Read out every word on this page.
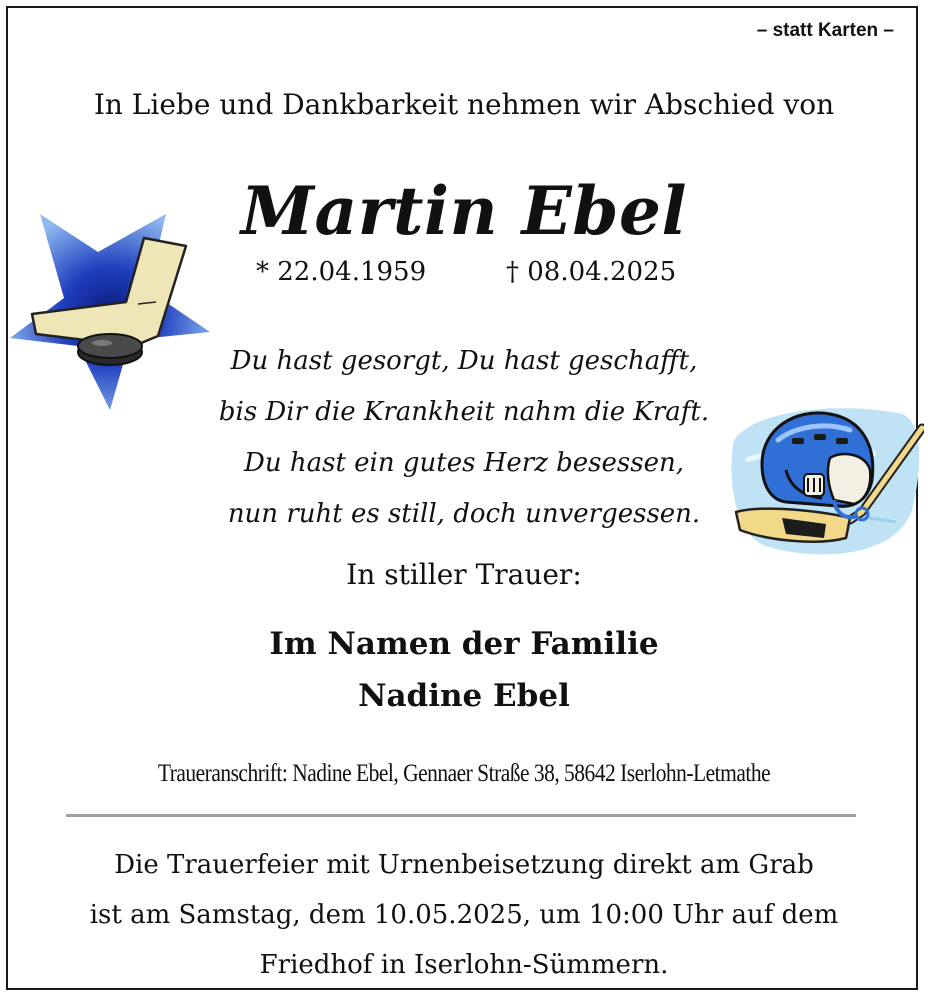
– statt Karten –
In Liebe und Dankbarkeit nehmen wir Abschied von
Martin Ebel
* 22.04.1959	† 08.04.2025
Du hast gesorgt, Du hast geschafft,
bis Dir die Krankheit nahm die Kraft.
Du hast ein gutes Herz besessen,
nun ruht es still, doch unvergessen.
In stiller Trauer:
Im Namen der Familie
Nadine Ebel
Traueranschrift: Nadine Ebel, Gennaer Straße 38, 58642 Iserlohn-Letmathe
Die Trauerfeier mit Urnenbeisetzung direkt am Grab
ist am Samstag, dem 10.05.2025, um 10:00 Uhr auf dem
Friedhof in Iserlohn-Sümmern.
